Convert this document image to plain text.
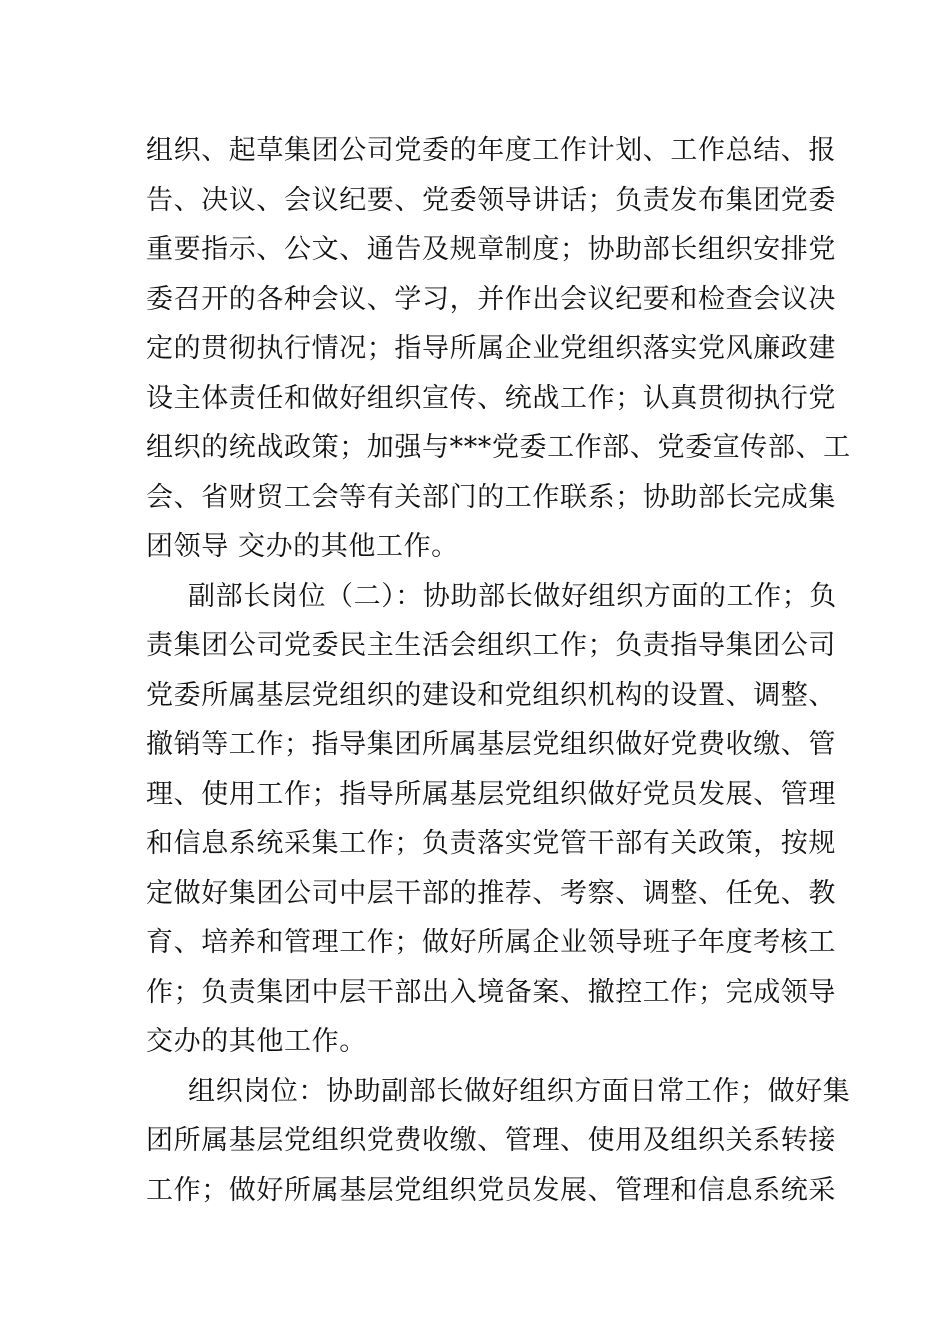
组织、起草集团公司党委的年度工作计划、工作总结、报
告、决议、会议纪要、党委领导讲话；负责发布集团党委
重要指示、公文、通告及规章制度；协助部长组织安排党
委召开的各种会议、学习，并作出会议纪要和检查会议决
定的贯彻执行情况；指导所属企业党组织落实党风廉政建
设主体责任和做好组织宣传、统战工作；认真贯彻执行党
组织的统战政策；加强与***党委工作部、党委宣传部、工
会、省财贸工会等有关部门的工作联系；协助部长完成集
团领导 交办的其他工作。
副部长岗位（二）：协助部长做好组织方面的工作；负
责集团公司党委民主生活会组织工作；负责指导集团公司
党委所属基层党组织的建设和党组织机构的设置、调整、
撤销等工作；指导集团所属基层党组织做好党费收缴、管
理、使用工作；指导所属基层党组织做好党员发展、管理
和信息系统采集工作；负责落实党管干部有关政策，按规
定做好集团公司中层干部的推荐、考察、调整、任免、教
育、培养和管理工作；做好所属企业领导班子年度考核工
作；负责集团中层干部出入境备案、撤控工作；完成领导
交办的其他工作。
组织岗位：协助副部长做好组织方面日常工作；做好集
团所属基层党组织党费收缴、管理、使用及组织关系转接
工作；做好所属基层党组织党员发展、管理和信息系统采
